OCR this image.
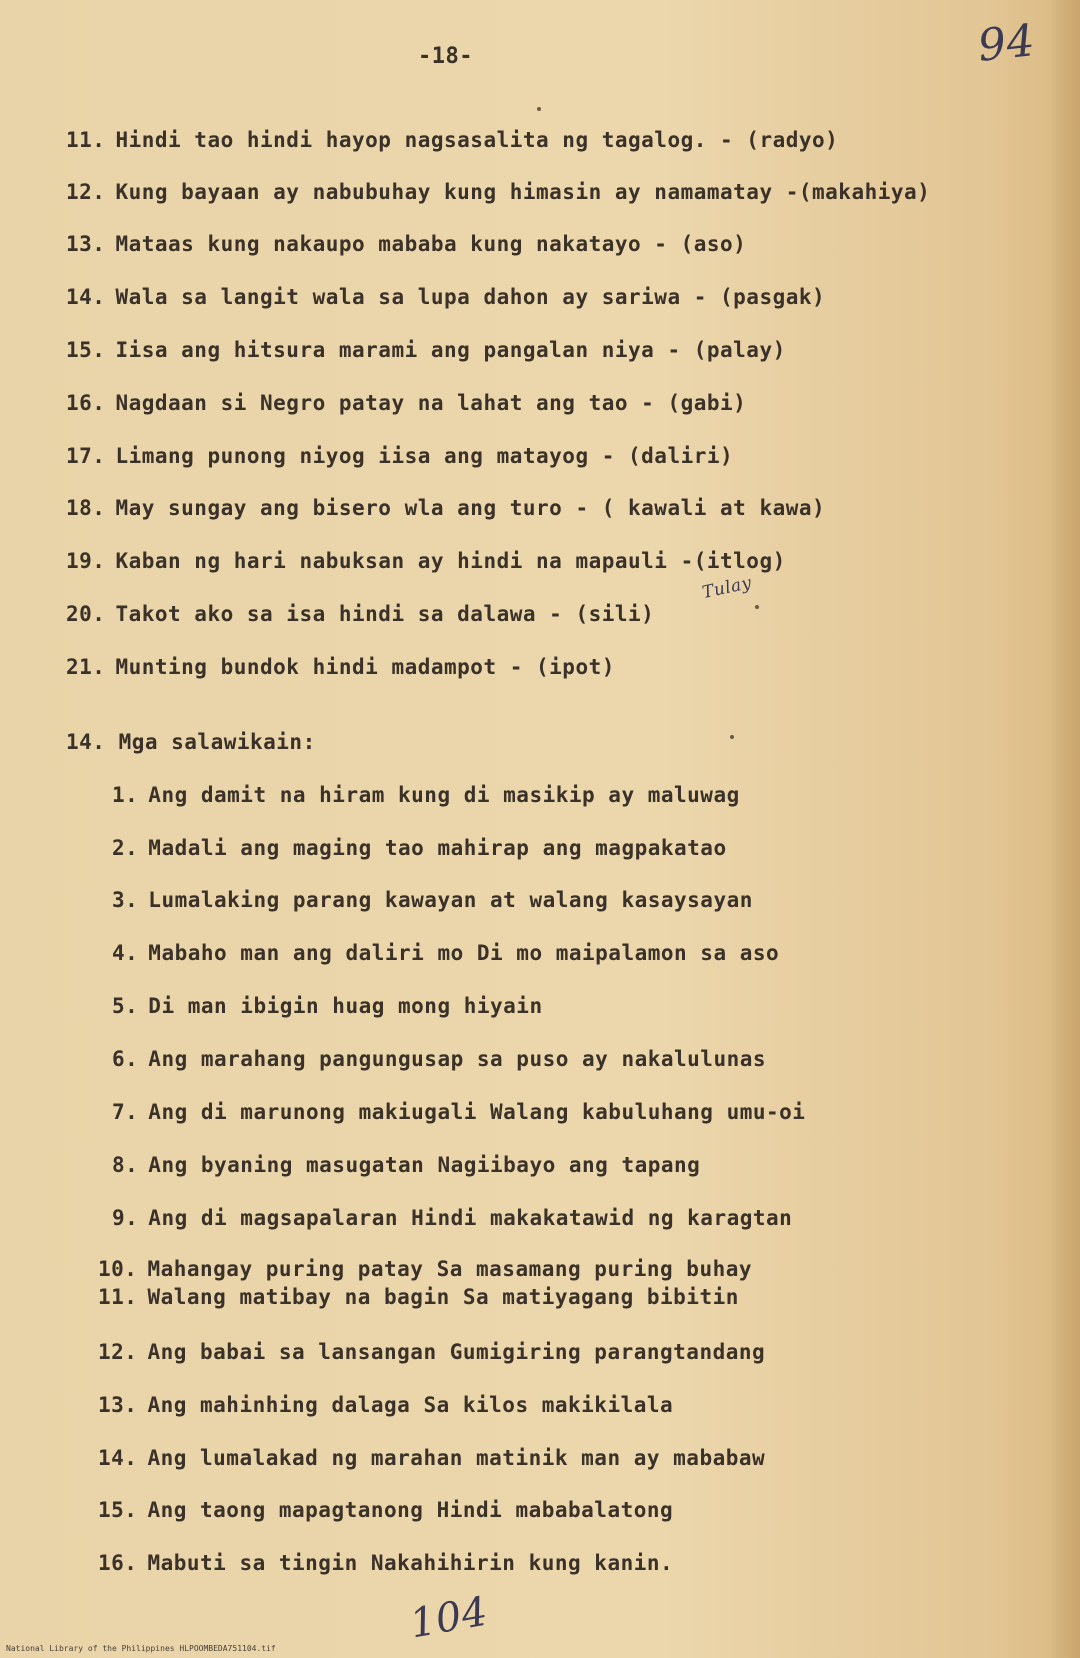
94
-18-
11. Hindi tao hindi hayop nagsasalita ng tagalog. - (radyo)
12. Kung bayaan ay nabubuhay kung himasin ay namamatay -(makahiya)
13. Mataas kung nakaupo mababa kung nakatayo - (aso)
14. Wala sa langit wala sa lupa dahon ay sariwa - (pasgak)
15. Iisa ang hitsura marami ang pangalan niya - (palay)
16. Nagdaan si Negro patay na lahat ang tao - (gabi)
17. Limang punong niyog iisa ang matayog - (daliri)
18. May sungay ang bisero wla ang turo - ( kawali at kawa)
19. Kaban ng hari nabuksan ay hindi na mapauli -(itlog)
20. Takot ako sa isa hindi sa dalawa - (sili)
21. Munting bundok hindi madampot - (ipot)
Tulay
14. Mga salawikain:
1. Ang damit na hiram kung di masikip ay maluwag
2. Madali ang maging tao mahirap ang magpakatao
3. Lumalaking parang kawayan at walang kasaysayan
4. Mabaho man ang daliri mo Di mo maipalamon sa aso
5. Di man ibigin huag mong hiyain
6. Ang marahang pangungusap sa puso ay nakalulunas
7. Ang di marunong makiugali Walang kabuluhang umu-oi
8. Ang byaning masugatan Nagiibayo ang tapang
9. Ang di magsapalaran Hindi makakatawid ng karagtan
10. Mahangay puring patay Sa masamang puring buhay
11. Walang matibay na bagin Sa matiyagang bibitin
12. Ang babai sa lansangan Gumigiring parangtandang
13. Ang mahinhing dalaga Sa kilos makikilala
14. Ang lumalakad ng marahan matinik man ay mababaw
15. Ang taong mapagtanong Hindi mababalatong
16. Mabuti sa tingin Nakahihirin kung kanin.
104
National Library of the Philippines HLPOOMBEDA751104.tif
